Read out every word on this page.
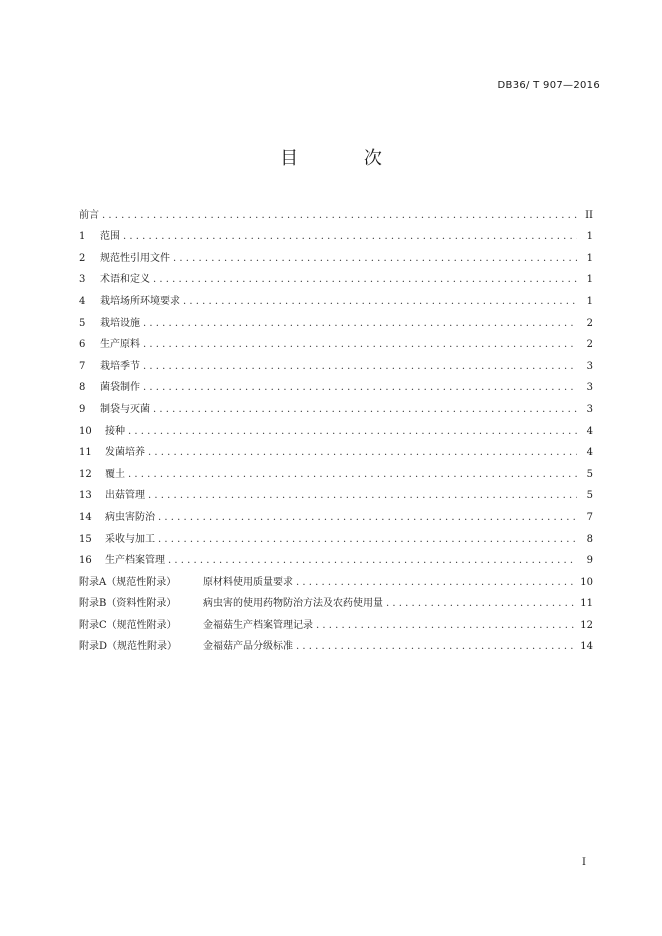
DB36/ T 907—2016
目 次
前言 .....	II
1	范围 .....	1
2	规范性引用文件 .....	1
3	术语和定义 .....	1
4	栽培场所环境要求 .....	1
5	栽培设施 .....	2
6	生产原料 .....	2
7	栽培季节 .....	3
8	菌袋制作 .....	3
9	制袋与灭菌 .....	3
10	接种 .....	4
11	发菌培养 .....	4
12	覆土 .....	5
13	出菇管理 .....	5
14	病虫害防治 .....	7
15	采收与加工 .....	8
16	生产档案管理 .....	9
附录A（规范性附录）	原材料使用质量要求 .....	10
附录B（资料性附录）	病虫害的使用药物防治方法及农药使用量 .....	11
附录C（规范性附录）	金福菇生产档案管理记录 .....	12
附录D（规范性附录）	金福菇产品分级标准 .....	14
I
